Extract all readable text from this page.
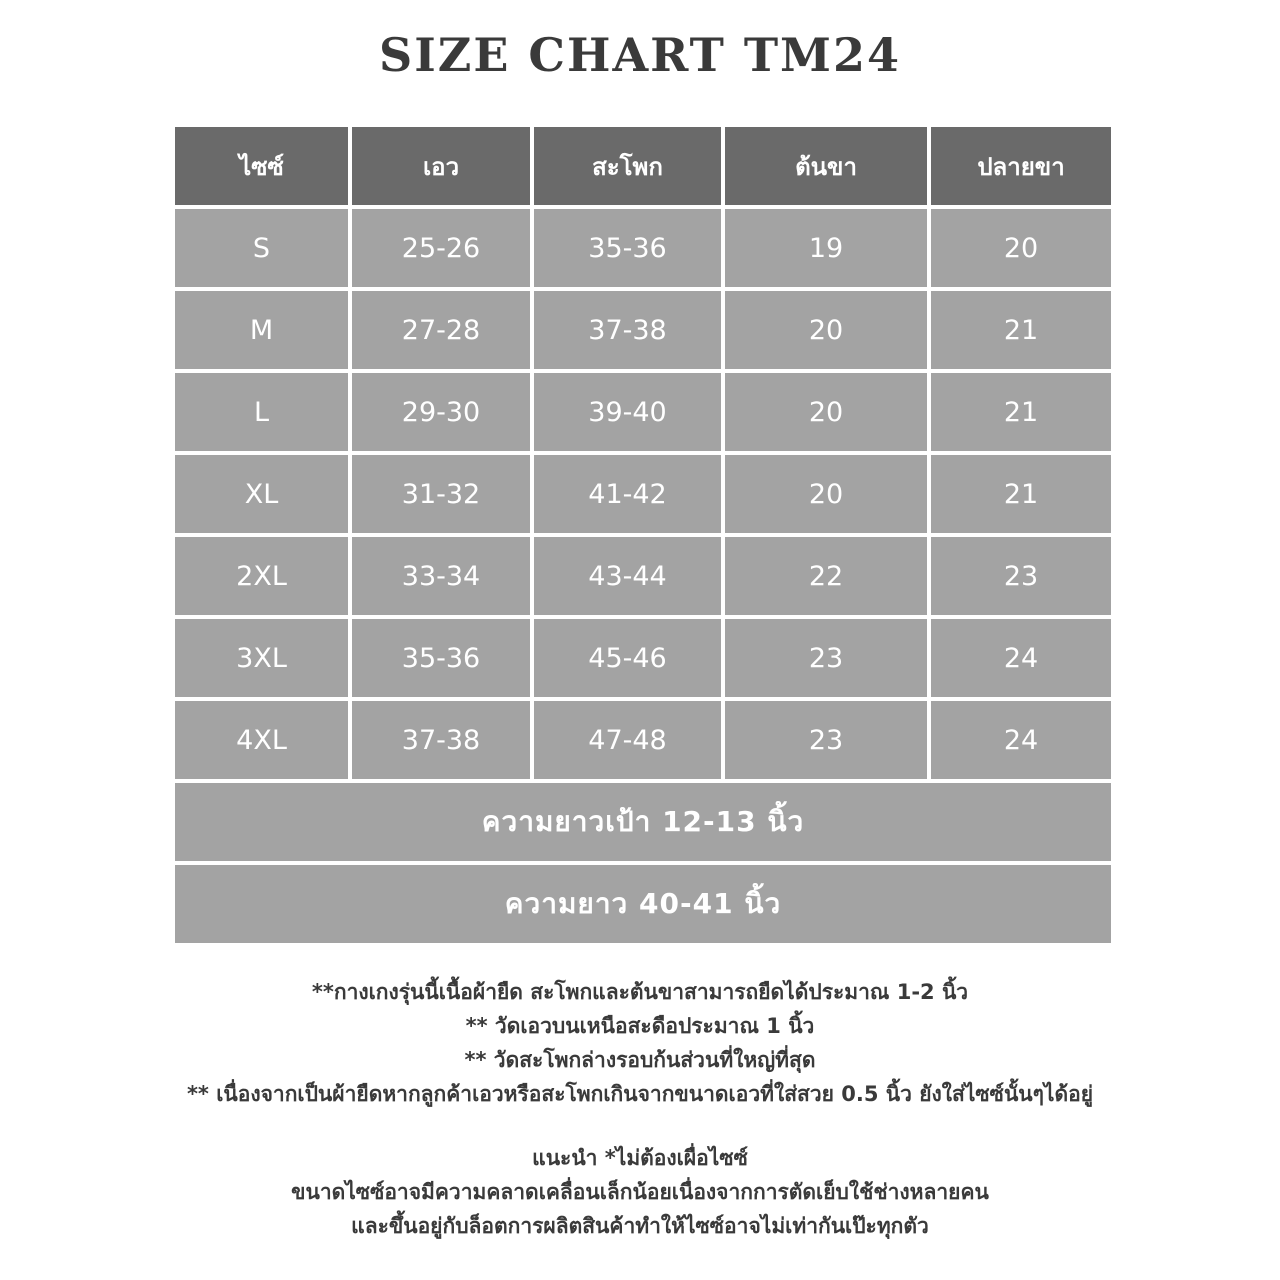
SIZE CHART TM24
ไซซ์	เอว	สะโพก	ต้นขา	ปลายขา
S	25-26	35-36	19	20
M	27-28	37-38	20	21
L	29-30	39-40	20	21
XL	31-32	41-42	20	21
2XL	33-34	43-44	22	23
3XL	35-36	45-46	23	24
4XL	37-38	47-48	23	24
ความยาวเป้า 12-13 นิ้ว
ความยาว 40-41 นิ้ว
**กางเกงรุ่นนี้เนื้อผ้ายืด สะโพกและต้นขาสามารถยืดได้ประมาณ 1-2 นิ้ว
** วัดเอวบนเหนือสะดือประมาณ 1 นิ้ว
** วัดสะโพกล่างรอบก้นส่วนที่ใหญ่ที่สุด
** เนื่องจากเป็นผ้ายืดหากลูกค้าเอวหรือสะโพกเกินจากขนาดเอวที่ใส่สวย 0.5 นิ้ว ยังใส่ไซซ์นั้นๆได้อยู่
แนะนำ *ไม่ต้องเผื่อไซซ์
ขนาดไซซ์อาจมีความคลาดเคลื่อนเล็กน้อยเนื่องจากการตัดเย็บใช้ช่างหลายคน
และขึ้นอยู่กับล็อตการผลิตสินค้าทำให้ไซซ์อาจไม่เท่ากันเป๊ะทุกตัว
